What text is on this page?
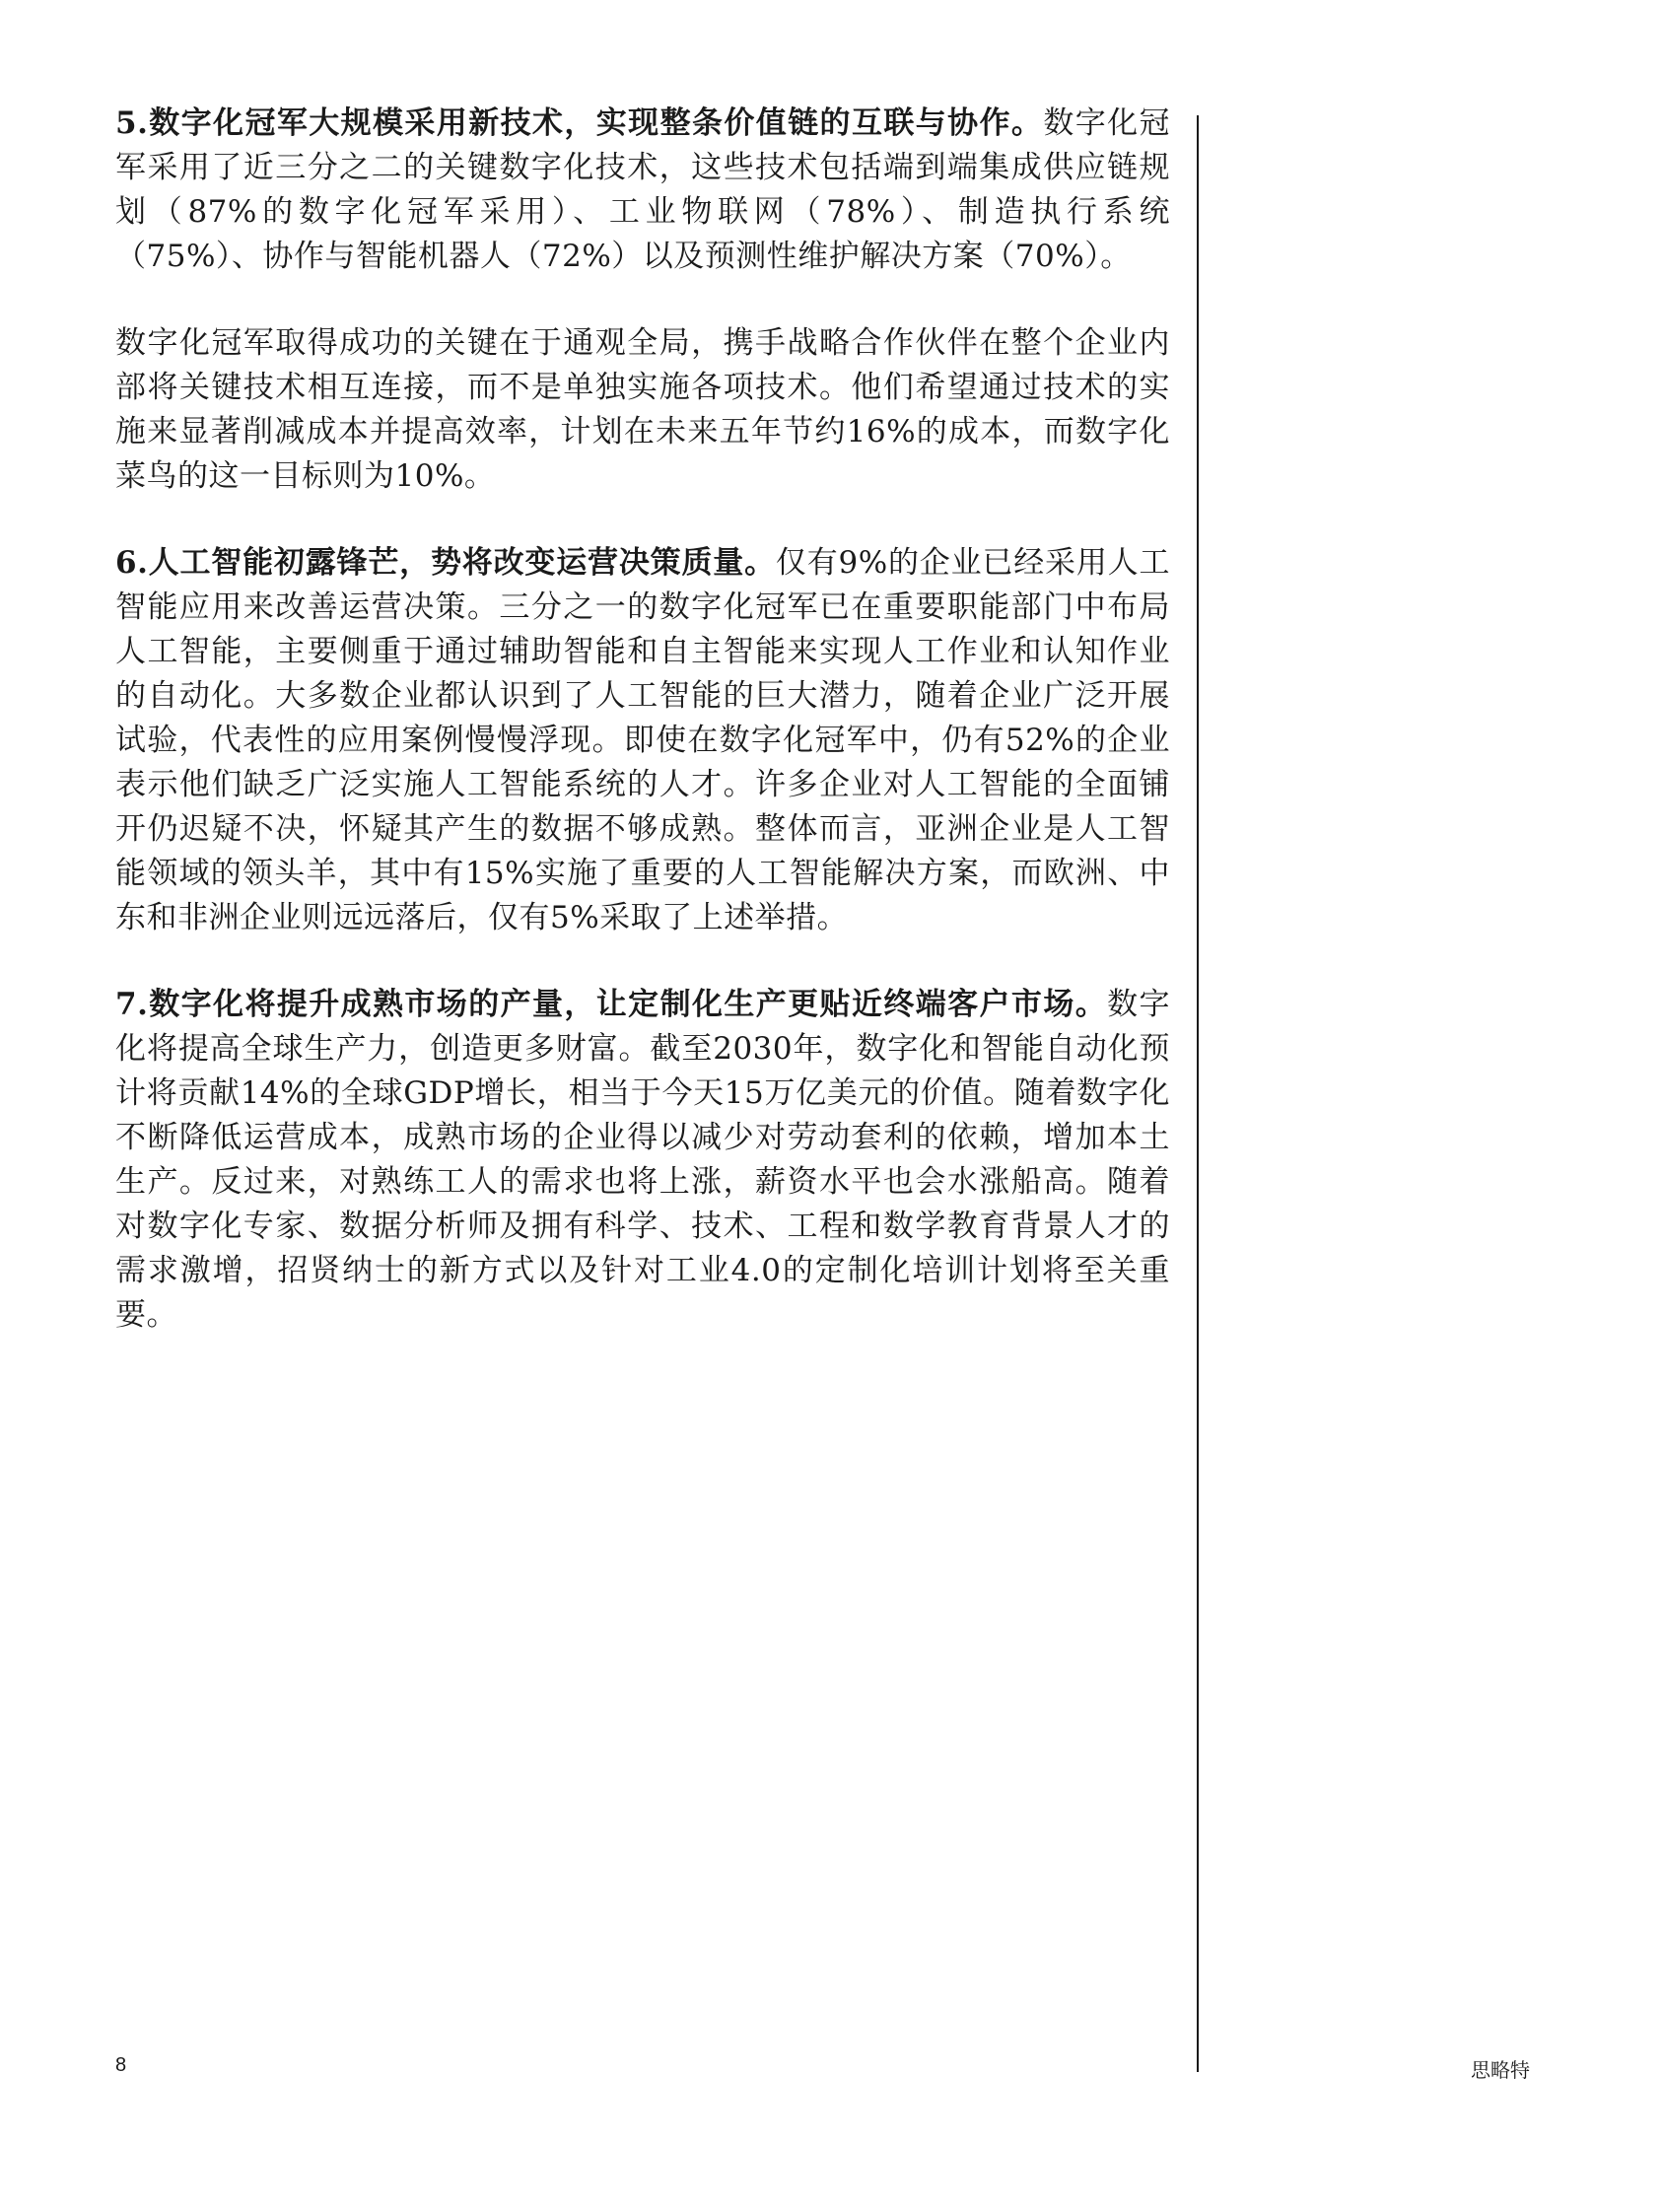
5.数字化冠军大规模采用新技术，实现整条价值链的互联与协作。数字化冠军采用了近三分之二的关键数字化技术，这些技术包括端到端集成供应链规划（87%的数字化冠军采用）、工业物联网（78%）、制造执行系统（75%）、协作与智能机器人（72%）以及预测性维护解决方案（70%）。

数字化冠军取得成功的关键在于通观全局，携手战略合作伙伴在整个企业内部将关键技术相互连接，而不是单独实施各项技术。他们希望通过技术的实施来显著削减成本并提高效率，计划在未来五年节约16%的成本，而数字化菜鸟的这一目标则为10%。

6.人工智能初露锋芒，势将改变运营决策质量。仅有9%的企业已经采用人工智能应用来改善运营决策。三分之一的数字化冠军已在重要职能部门中布局人工智能，主要侧重于通过辅助智能和自主智能来实现人工作业和认知作业的自动化。大多数企业都认识到了人工智能的巨大潜力，随着企业广泛开展试验，代表性的应用案例慢慢浮现。即使在数字化冠军中，仍有52%的企业表示他们缺乏广泛实施人工智能系统的人才。许多企业对人工智能的全面铺开仍迟疑不决，怀疑其产生的数据不够成熟。整体而言，亚洲企业是人工智能领域的领头羊，其中有15%实施了重要的人工智能解决方案，而欧洲、中东和非洲企业则远远落后，仅有5%采取了上述举措。

7.数字化将提升成熟市场的产量，让定制化生产更贴近终端客户市场。数字化将提高全球生产力，创造更多财富。截至2030年，数字化和智能自动化预计将贡献14%的全球GDP增长，相当于今天15万亿美元的价值。随着数字化不断降低运营成本，成熟市场的企业得以减少对劳动套利的依赖，增加本土生产。反过来，对熟练工人的需求也将上涨，薪资水平也会水涨船高。随着对数字化专家、数据分析师及拥有科学、技术、工程和数学教育背景人才的需求激增，招贤纳士的新方式以及针对工业4.0的定制化培训计划将至关重要。

8	思略特
